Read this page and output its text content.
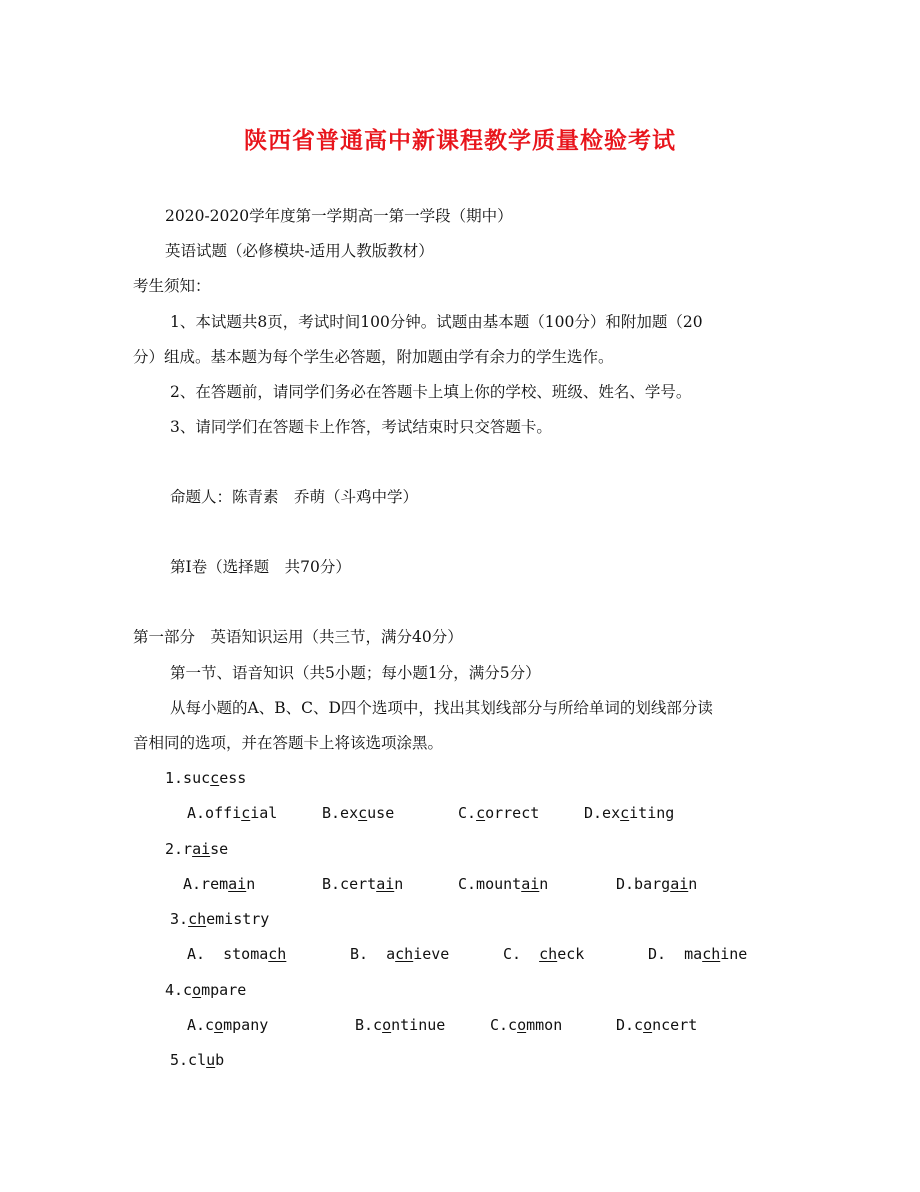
陕西省普通高中新课程教学质量检验考试
2020-2020学年度第一学期高一第一学段（期中）
英语试题（必修模块-适用人教版教材）
考生须知：
1、本试题共8页，考试时间100分钟。试题由基本题（100分）和附加题（20
分）组成。基本题为每个学生必答题，附加题由学有余力的学生选作。
2、在答题前，请同学们务必在答题卡上填上你的学校、班级、姓名、学号。
3、请同学们在答题卡上作答，考试结束时只交答题卡。
命题人：陈青素　乔萌（斗鸡中学）
第Ⅰ卷（选择题　共70分）
第一部分　英语知识运用（共三节，满分40分）
第一节、语音知识（共5小题；每小题1分，满分5分）
从每小题的A、B、C、D四个选项中，找出其划线部分与所给单词的划线部分读
音相同的选项，并在答题卡上将该选项涂黑。
1.success
A.official	B.excuse	C.correct	D.exciting
2.raise
A.remain	B.certain	C.mountain	D.bargain
3.chemistry
A.  stomach	B.  achieve	C.  check	D.  machine
4.compare
A.company	B.continue	C.common	D.concert
5.club
